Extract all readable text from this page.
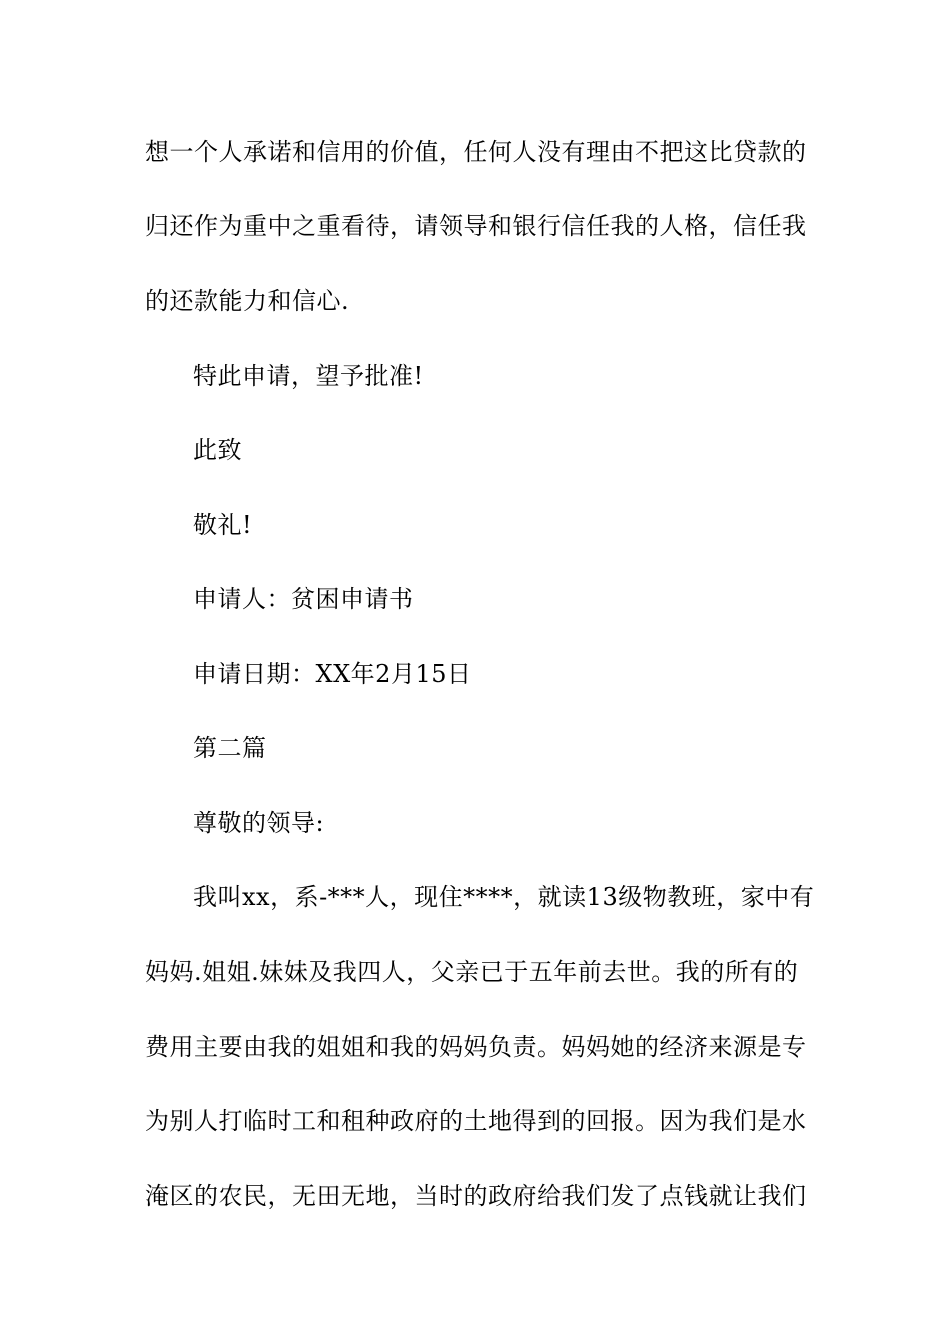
想一个人承诺和信用的价值，任何人没有理由不把这比贷款的
归还作为重中之重看待，请领导和银行信任我的人格，信任我
的还款能力和信心.
特此申请，望予批准!
此致
敬礼!
申请人：贫困申请书
申请日期：XX年2月15日
第二篇
尊敬的领导:
我叫xx，系-***人，现住****，就读13级物教班，家中有
妈妈.姐姐.妹妹及我四人，父亲已于五年前去世。我的所有的
费用主要由我的姐姐和我的妈妈负责。妈妈她的经济来源是专
为别人打临时工和租种政府的土地得到的回报。因为我们是水
淹区的农民，无田无地，当时的政府给我们发了点钱就让我们
